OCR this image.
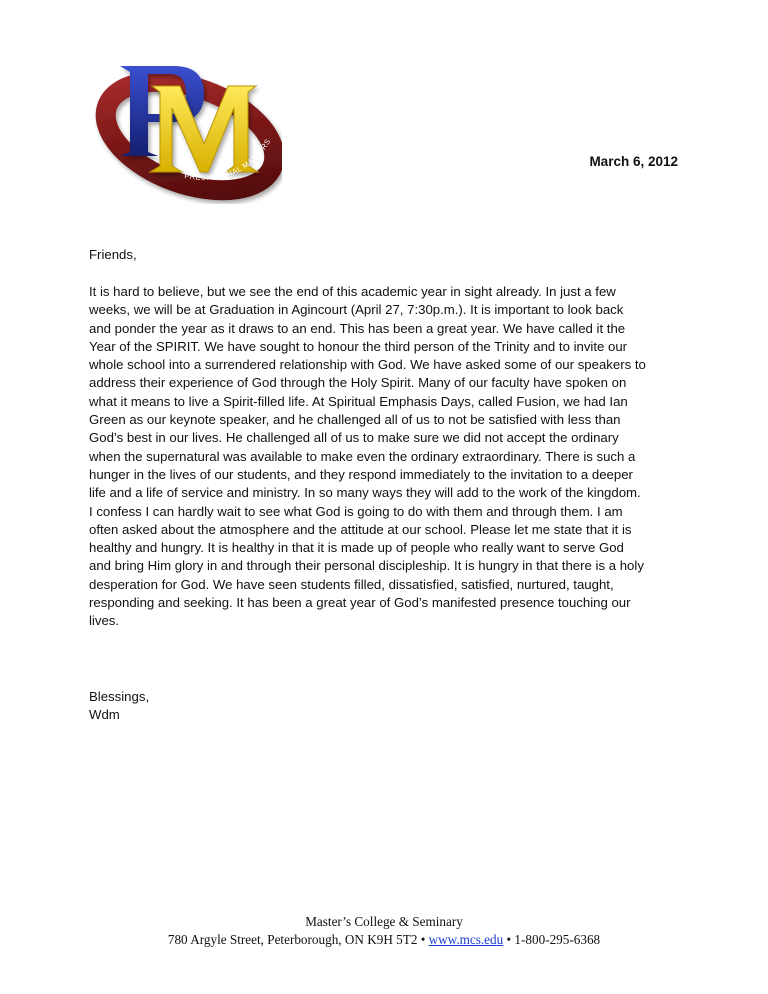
PRESIDENTIAL MATTERS
March 6, 2012
Friends,
It is hard to believe, but we see the end of this academic year in sight already. In just a few
weeks, we will be at Graduation in Agincourt (April 27, 7:30p.m.). It is important to look back
and ponder the year as it draws to an end. This has been a great year. We have called it the
Year of the SPIRIT. We have sought to honour the third person of the Trinity and to invite our
whole school into a surrendered relationship with God. We have asked some of our speakers to
address their experience of God through the Holy Spirit. Many of our faculty have spoken on
what it means to live a Spirit-filled life. At Spiritual Emphasis Days, called Fusion, we had Ian
Green as our keynote speaker, and he challenged all of us to not be satisfied with less than
God’s best in our lives. He challenged all of us to make sure we did not accept the ordinary
when the supernatural was available to make even the ordinary extraordinary. There is such a
hunger in the lives of our students, and they respond immediately to the invitation to a deeper
life and a life of service and ministry. In so many ways they will add to the work of the kingdom.
I confess I can hardly wait to see what God is going to do with them and through them. I am
often asked about the atmosphere and the attitude at our school. Please let me state that it is
healthy and hungry. It is healthy in that it is made up of people who really want to serve God
and bring Him glory in and through their personal discipleship. It is hungry in that there is a holy
desperation for God. We have seen students filled, dissatisfied, satisfied, nurtured, taught,
responding and seeking. It has been a great year of God’s manifested presence touching our
lives.
Blessings,
Wdm
Master’s College & Seminary
780 Argyle Street, Peterborough, ON K9H 5T2 • www.mcs.edu • 1-800-295-6368
